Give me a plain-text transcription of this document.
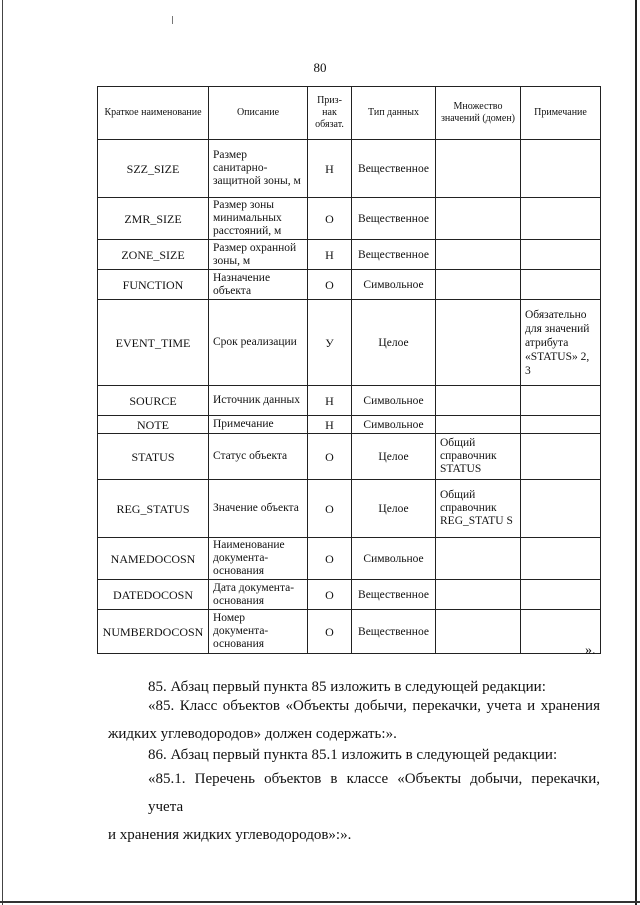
80
Краткое наименование	Описание	Приз-нак обязат.	Тип данных	Множество значений (домен)	Примечание
SZZ_SIZE	Размер санитарно-защитной зоны, м	Н	Вещественное		
ZMR_SIZE	Размер зоны минимальных расстояний, м	О	Вещественное		
ZONE_SIZE	Размер охранной зоны, м	Н	Вещественное		
FUNCTION	Назначение объекта	О	Символьное		
EVENT_TIME	Срок реализации	У	Целое		Обязательно для значений атрибута «STATUS» 2, 3
SOURCE	Источник данных	Н	Символьное		
NOTE	Примечание	Н	Символьное		
STATUS	Статус объекта	О	Целое	Общий справочник STATUS	
REG_STATUS	Значение объекта	О	Целое	Общий справочник REG_STATU S	
NAMEDOCOSN	Наименование документа-основания	О	Символьное		
DATEDOCOSN	Дата документа-основания	О	Вещественное		
NUMBERDOCOSN	Номер документа-основания	О	Вещественное		
».
85. Абзац первый пункта 85 изложить в следующей редакции:
«85. Класс объектов «Объекты добычи, перекачки, учета и хранения
жидких углеводородов» должен содержать:».
86. Абзац первый пункта 85.1 изложить в следующей редакции:
«85.1. Перечень объектов в классе «Объекты добычи, перекачки, учета
и хранения жидких углеводородов»:».
